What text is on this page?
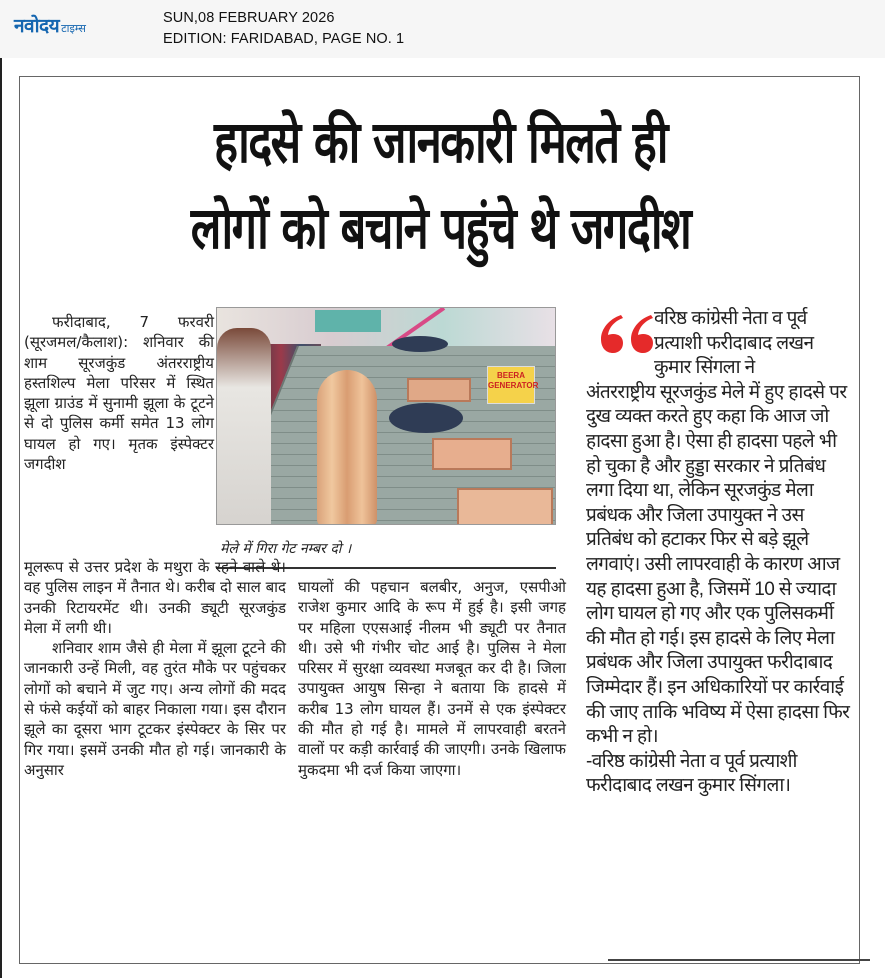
नवोदय टाइम्स
SUN,08 FEBRUARY 2026
EDITION: FARIDABAD, PAGE NO. 1
हादसे की जानकारी मिलते ही
लोगों को बचाने पहुंचे थे जगदीश
फरीदाबाद, 7 फरवरी (सूरजमल/कैलाश): शनिवार की शाम सूरजकुंड अंतरराष्ट्रीय हस्तशिल्प मेला परिसर में स्थित झूला ग्राउंड में सुनामी झूला के टूटने से दो पुलिस कर्मी समेत 13 लोग घायल हो गए। मृतक इंस्पेक्टर जगदीश
BEERA GENERATOR
मेले में गिरा गेट नम्बर दो ।

मूलरूप से उत्तर प्रदेश के मथुरा के रहने वाले थे। वह पुलिस लाइन में तैनात थे। करीब दो साल बाद उनकी रिटायरमेंट थी। उनकी ड्यूटी सूरजकुंड मेला में लगी थी।

शनिवार शाम जैसे ही मेला में झूला टूटने की जानकारी उन्हें मिली, वह तुरंत मौके पर पहुंचकर लोगों को बचाने में जुट गए। अन्य लोगों की मदद से फंसे कईयों को बाहर निकाला गया। इस दौरान झूले का दूसरा भाग टूटकर इंस्पेक्टर के सिर पर गिर गया। इसमें उनकी मौत हो गई। जानकारी के अनुसार

घायलों की पहचान बलबीर, अनुज, एसपीओ राजेश कुमार आदि के रूप में हुई है। इसी जगह पर महिला एएसआई नीलम भी ड्यूटी पर तैनात थी। उसे भी गंभीर चोट आई है। पुलिस ने मेला परिसर में सुरक्षा व्यवस्था मजबूत कर दी है। जिला उपायुक्त आयुष सिन्हा ने बताया कि हादसे में करीब 13 लोग घायल हैं। उनमें से एक इंस्पेक्टर की मौत हो गई है। मामले में लापरवाही बरतने वालों पर कड़ी कार्रवाई की जाएगी। उनके खिलाफ मुकदमा भी दर्ज किया जाएगा।
वरिष्ठ कांग्रेसी नेता व पूर्व प्रत्याशी फरीदाबाद लखन कुमार सिंगला ने
अंतरराष्ट्रीय सूरजकुंड मेले में हुए हादसे पर दुख व्यक्त करते हुए कहा कि आज जो हादसा हुआ है। ऐसा ही हादसा पहले भी हो चुका है और हुड्डा सरकार ने प्रतिबंध लगा दिया था, लेकिन सूरजकुंड मेला प्रबंधक और जिला उपायुक्त ने उस प्रतिबंध को हटाकर फिर से बड़े झूले लगवाएं। उसी लापरवाही के कारण आज यह हादसा हुआ है, जिसमें 10 से ज्यादा लोग घायल हो गए और एक पुलिसकर्मी की मौत हो गई। इस हादसे के लिए मेला प्रबंधक और जिला उपायुक्त फरीदाबाद जिम्मेदार हैं। इन अधिकारियों पर कार्रवाई की जाए ताकि भविष्य में ऐसा हादसा फिर कभी न हो।
-वरिष्ठ कांग्रेसी नेता व पूर्व प्रत्याशी फरीदाबाद लखन कुमार सिंगला।
